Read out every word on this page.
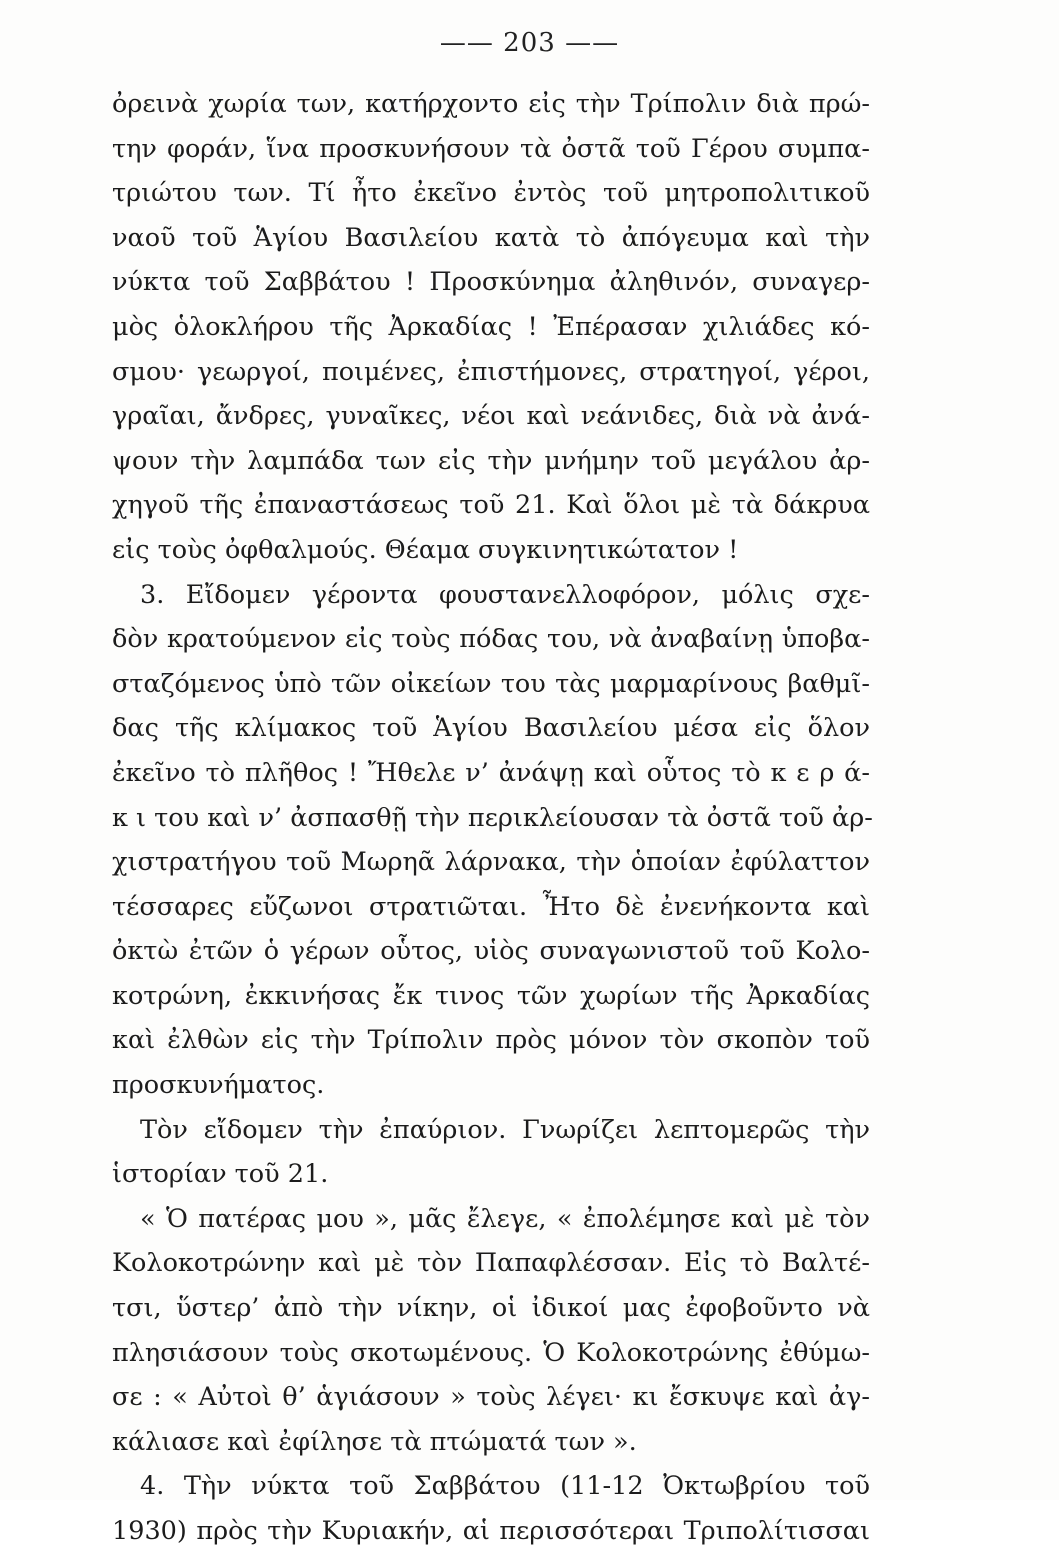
—— 203 ——
ὀρεινὰ χωρία των, κατήρχοντο εἰς τὴν Τρίπολιν διὰ πρώ-
την φοράν, ἵνα προσκυνήσουν τὰ ὀστᾶ τοῦ Γέρου συμπα-
τριώτου των. Τί ἦτο ἐκεῖνο ἐντὸς τοῦ μητροπολιτικοῦ
ναοῦ τοῦ Ἁγίου Βασιλείου κατὰ τὸ ἀπόγευμα καὶ τὴν
νύκτα τοῦ Σαββάτου ! Προσκύνημα ἀληθινόν, συναγερ-
μὸς ὁλοκλήρου τῆς Ἀρκαδίας ! Ἐπέρασαν χιλιάδες κό-
σμου· γεωργοί, ποιμένες, ἐπιστήμονες, στρατηγοί, γέροι,
γραῖαι, ἄνδρες, γυναῖκες, νέοι καὶ νεάνιδες, διὰ νὰ ἀνά-
ψουν τὴν λαμπάδα των εἰς τὴν μνήμην τοῦ μεγάλου ἀρ-
χηγοῦ τῆς ἐπαναστάσεως τοῦ 21. Καὶ ὅλοι μὲ τὰ δάκρυα
εἰς τοὺς ὀφθαλμούς. Θέαμα συγκινητικώτατον !
3. Εἴδομεν γέροντα φουστανελλοφόρον, μόλις σχε-
δὸν κρατούμενον εἰς τοὺς πόδας του, νὰ ἀναβαίνῃ ὑποβα-
σταζόμενος ὑπὸ τῶν οἰκείων του τὰς μαρμαρίνους βαθμῖ-
δας τῆς κλίμακος τοῦ Ἁγίου Βασιλείου μέσα εἰς ὅλον
ἐκεῖνο τὸ πλῆθος ! Ἤθελε ν’ ἀνάψῃ καὶ οὗτος τὸ κ ε ρ ά-
κ ι του καὶ ν’ ἀσπασθῇ τὴν περικλείουσαν τὰ ὀστᾶ τοῦ ἀρ-
χιστρατήγου τοῦ Μωρηᾶ λάρνακα, τὴν ὁποίαν ἐφύλαττον
τέσσαρες εὔζωνοι στρατιῶται. Ἦτο δὲ ἐνενήκοντα καὶ
ὀκτὼ ἐτῶν ὁ γέρων οὗτος, υἱὸς συναγωνιστοῦ τοῦ Κολο-
κοτρώνη, ἐκκινήσας ἔκ τινος τῶν χωρίων τῆς Ἀρκαδίας
καὶ ἐλθὼν εἰς τὴν Τρίπολιν πρὸς μόνον τὸν σκοπὸν τοῦ
προσκυνήματος.
Τὸν εἴδομεν τὴν ἐπαύριον. Γνωρίζει λεπτομερῶς τὴν
ἱστορίαν τοῦ 21.
« Ὁ πατέρας μου », μᾶς ἔλεγε, « ἐπολέμησε καὶ μὲ τὸν
Κολοκοτρώνην καὶ μὲ τὸν Παπαφλέσσαν. Εἰς τὸ Βαλτέ-
τσι, ὕστερ’ ἀπὸ τὴν νίκην, οἱ ἰδικοί μας ἐφοβοῦντο νὰ
πλησιάσουν τοὺς σκοτωμένους. Ὁ Κολοκοτρώνης ἐθύμω-
σε : « Αὐτοὶ θ’ ἁγιάσουν » τοὺς λέγει· κι ἔσκυψε καὶ ἀγ-
κάλιασε καὶ ἐφίλησε τὰ πτώματά των ».
4. Τὴν νύκτα τοῦ Σαββάτου (11-12 Ὀκτωβρίου τοῦ
1930) πρὸς τὴν Κυριακήν, αἱ περισσότεραι Τριπολίτισσαι
